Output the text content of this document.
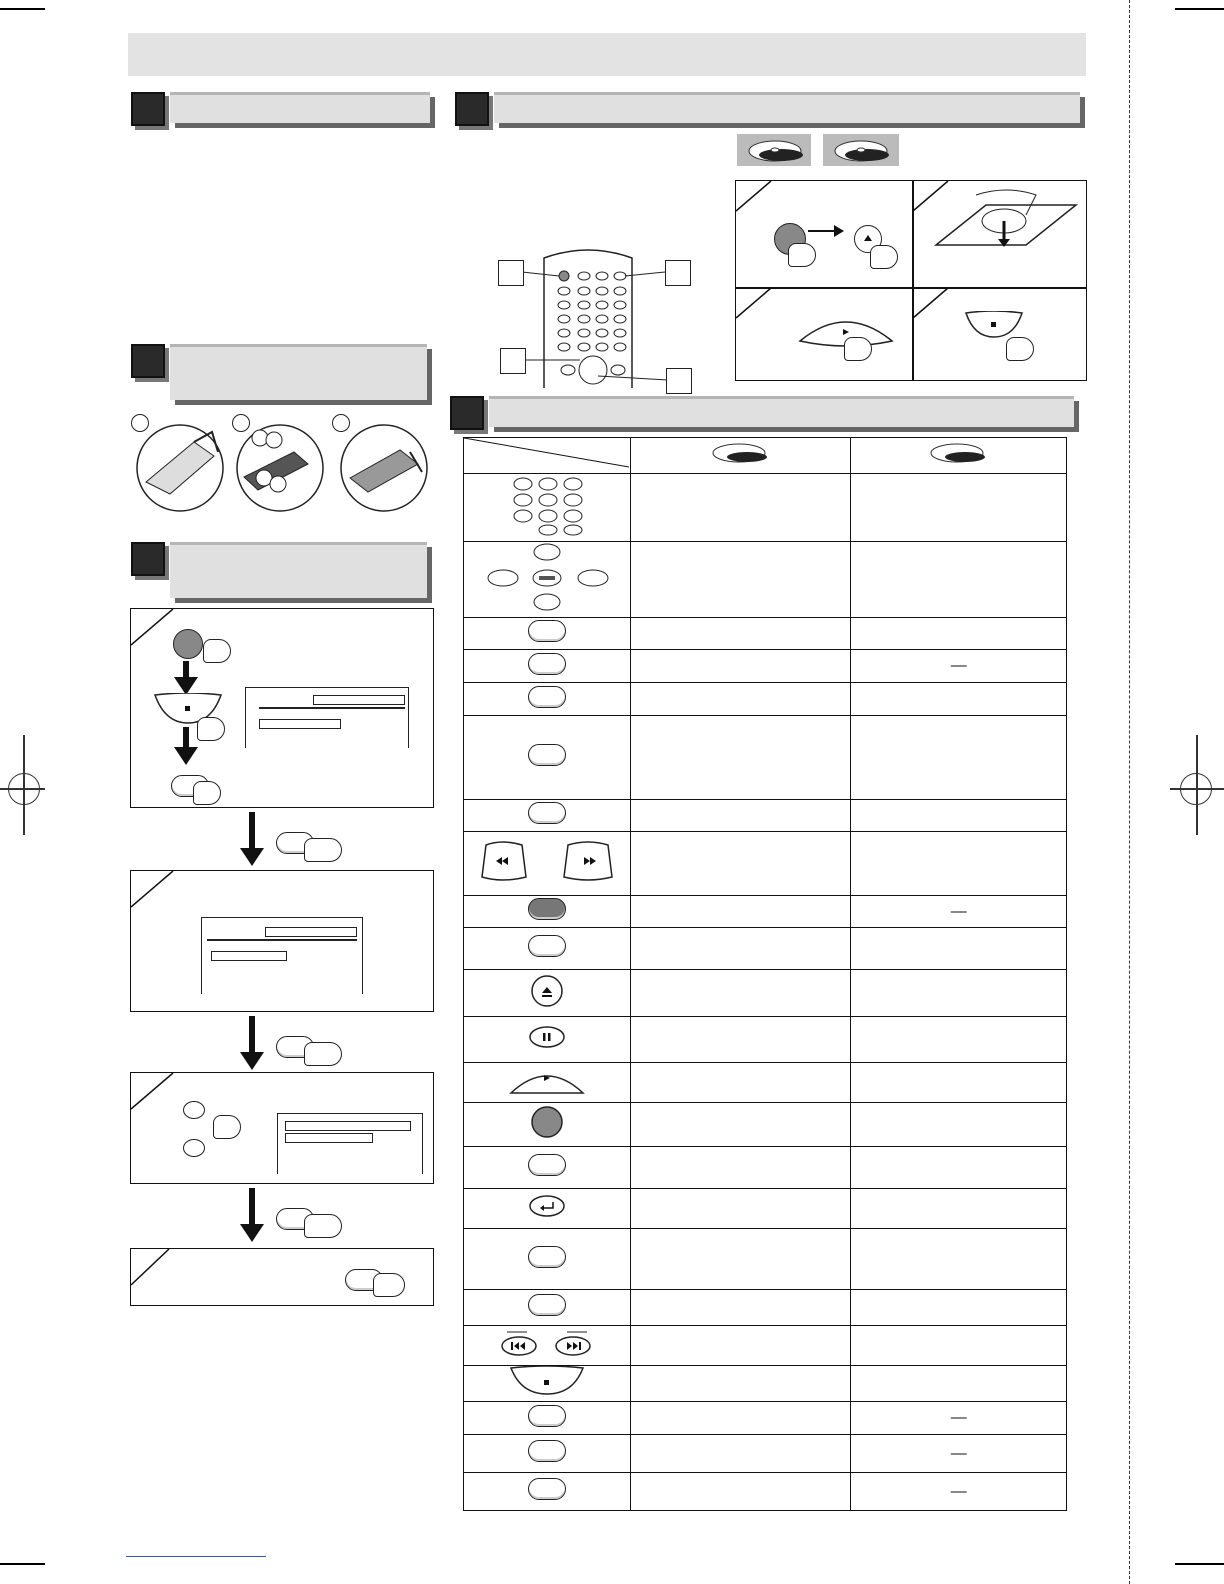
		—

		—

		—
		—
		—
